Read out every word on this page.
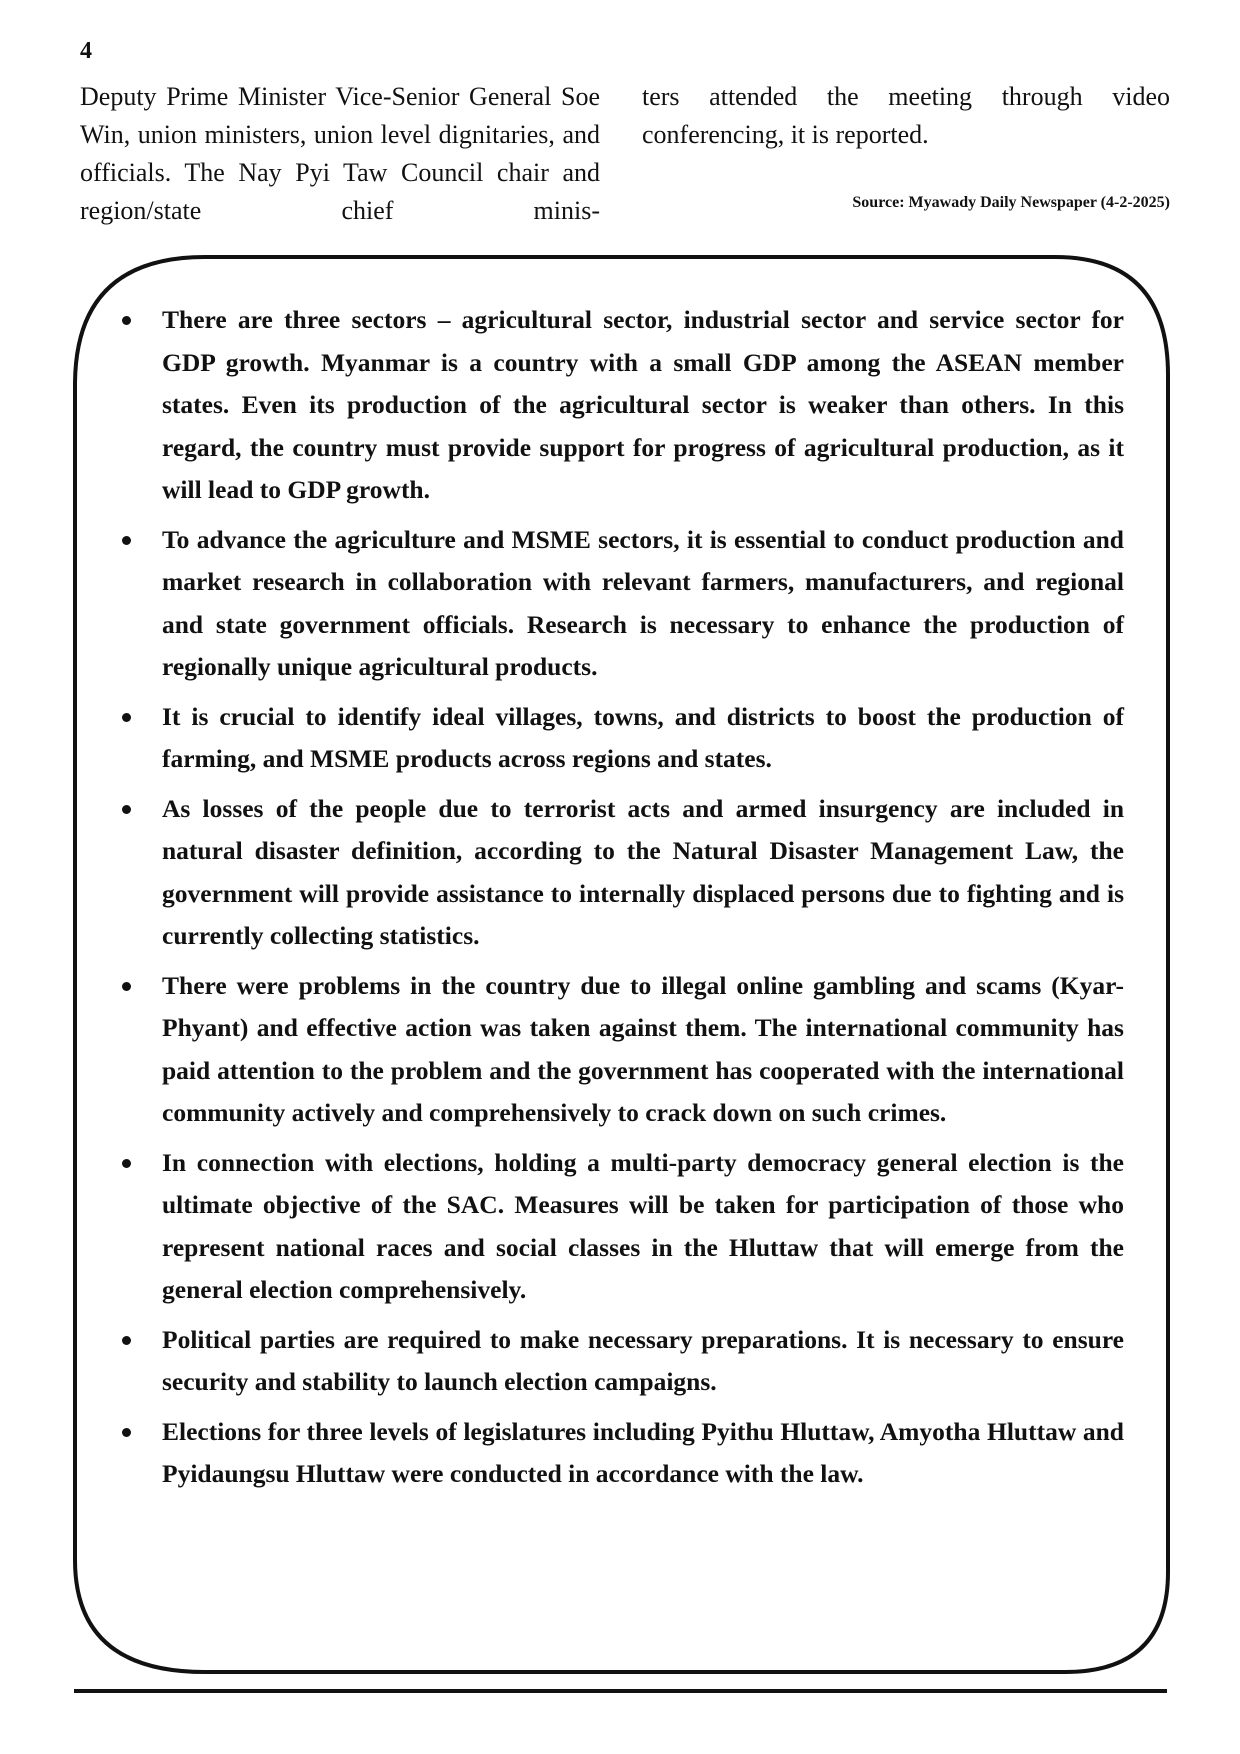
4
Deputy Prime Minister Vice-Senior General Soe Win, union ministers, union level dignitaries, and officials. The Nay Pyi Taw Council chair and region/state chief minis-
ters attended the meeting through video conferencing, it is reported.
Source: Myawady Daily Newspaper (4-2-2025)
There are three sectors – agricultural sector, industrial sector and service sector for GDP growth. Myanmar is a country with a small GDP among the ASEAN member states. Even its production of the agricultural sector is weaker than others. In this regard, the country must provide support for progress of agricultural production, as it will lead to GDP growth.
To advance the agriculture and MSME sectors, it is essential to conduct production and market research in collaboration with relevant farmers, manufacturers, and regional and state government officials. Research is necessary to enhance the production of regionally unique agricultural products.
It is crucial to identify ideal villages, towns, and districts to boost the production of farming, and MSME products across regions and states.
As losses of the people due to terrorist acts and armed insurgency are included in natural disaster definition, according to the Natural Disaster Management Law, the government will provide assistance to internally displaced persons due to fighting and is currently collecting statistics.
There were problems in the country due to illegal online gambling and scams (Kyar- Phyant) and effective action was taken against them. The international community has paid attention to the problem and the government has cooperated with the international community actively and comprehensively to crack down on such crimes.
In connection with elections, holding a multi-party democracy general election is the ultimate objective of the SAC. Measures will be taken for participation of those who represent national races and social classes in the Hluttaw that will emerge from the general election comprehensively.
Political parties are required to make necessary preparations. It is necessary to ensure security and stability to launch election campaigns.
Elections for three levels of legislatures including Pyithu Hluttaw, Amyotha Hluttaw and Pyidaungsu Hluttaw were conducted in accordance with the law.
